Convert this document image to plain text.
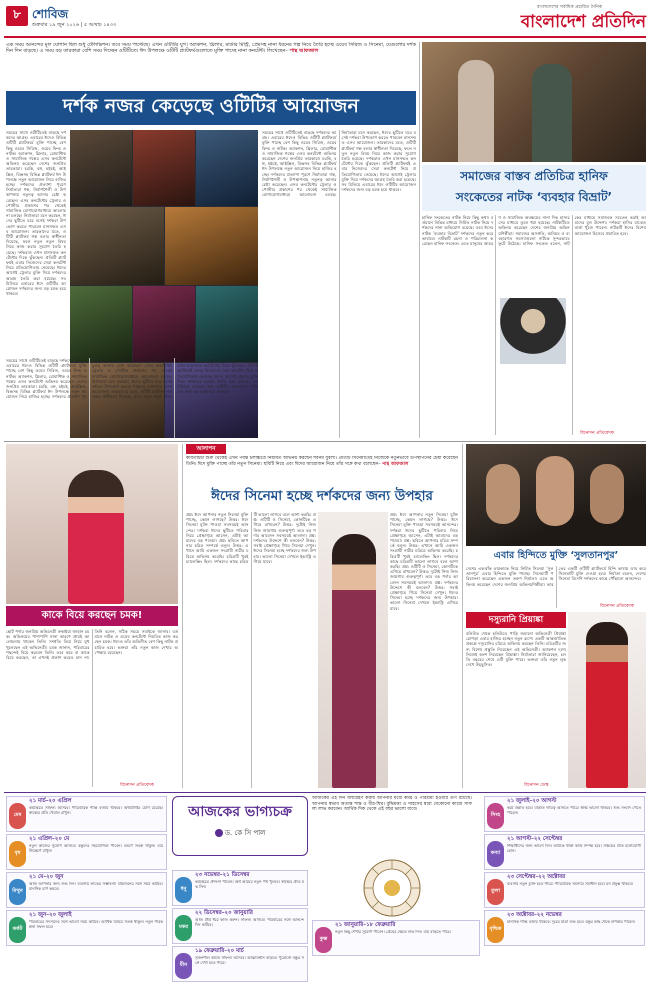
৮ শোবিজ
শুক্রবার ১৯ জুন ২০২৬ | ৫ আষাঢ় ১৪৩৩
বাংলাদেশের সর্বাধিক প্রচারিত দৈনিক
বাংলাদেশ প্রতিদিন
এক সময় আনন্দের মূল যোগান ছিল শুধু টেলিভিশন। তবে সময় পাল্টেছে। এখন ওটিটির যুগ। অ্যাকশন, থ্রিলার, মার্ডার মিস্ট্রি, প্রেমসহ নানা ধরনের গল্প নিয়ে তৈরি হচ্ছে ওয়েব সিরিজ ও সিনেমা, যেগুলোর দর্শক দিন দিন বাড়ছে। এ সময় বড় তারকারা বেশি সময় দিচ্ছেন ওটিটিতে। ঈদ উপলক্ষে ওটিটি প্ল্যাটফর্মগুলোতে মুক্তি পাচ্ছে নানা কনটেন্ট। লিখেছেন– পান্থ আফজাল
দর্শক নজর কেড়েছে ওটিটির আয়োজন
সময়ের সাথে ওটিটিতেই বাড়ছে দর্শকদের আগ্রহ। এবারের ঈদেও বিভিন্ন ওটিটি প্ল্যাটফর্মে মুক্তি পাচ্ছে বেশ কিছু ওয়েব সিরিজ, ওয়েব ফিল্ম ও নাটক। অ্যাকশন, থ্রিলার, রোমান্টিক ও সামাজিক গল্পের এসব কনটেন্টে অভিনয় করেছেন দেশের জনপ্রিয় তারকারা। চরকি, বঙ্গ, হইচই, আইস্ক্রিন, বিঞ্জসহ বিভিন্ন প্ল্যাটফর্ম ঈদ উপলক্ষে নতুন আয়োজন নিয়ে হাজির হচ্ছে। দর্শকদের প্রত্যাশা পূরণে নির্মাতারা গল্প, নির্মাণশৈলী ও উপস্থাপনায় নতুনত্ব আনার চেষ্টা করেছেন। এসব কনটেন্টের ট্রেলার ও পোস্টার প্রকাশের পর থেকেই সামাজিক যোগাযোগমাধ্যমে আলোচনা চলছে। নির্মাতারা মনে করছেন, ঈদের ছুটিতে ঘরে বসেই দর্শকরা উপভোগ করতে পারবেন মানসম্মত এসব আয়োজন। তারকাদের মতে, ওটিটি প্ল্যাটফর্ম গল্প বলার স্বাধীনতা দিয়েছে, ফলে নতুন নতুন বিষয় নিয়ে কাজ করার সুযোগ তৈরি হয়েছে। দর্শকরাও এখন মানসম্মত কনটেন্টের দিকে ঝুঁকছেন। প্রতিটি প্ল্যাটফর্মই এবার নিজেদের সেরা কনটেন্ট নিয়ে প্রতিযোগিতায় নেমেছে। ঈদের আগেই ট্রেলার মুক্তি দিয়ে দর্শকদের আগ্রহ তৈরি করা হয়েছে। সব মিলিয়ে এবারের ঈদে ওটিটির আয়োজন দর্শকদের জন্য বড় চমক হয়ে থাকবে।
সময়ের সাথে ওটিটিতেই বাড়ছে দর্শকদের আগ্রহ। এবারের ঈদেও বিভিন্ন ওটিটি প্ল্যাটফর্মে মুক্তি পাচ্ছে বেশ কিছু ওয়েব সিরিজ, ওয়েব ফিল্ম ও নাটক। অ্যাকশন, থ্রিলার, রোমান্টিক ও সামাজিক গল্পের এসব কনটেন্টে অভিনয় করেছেন দেশের জনপ্রিয় তারকারা। চরকি, বঙ্গ, হইচই, আইস্ক্রিন, বিঞ্জসহ বিভিন্ন প্ল্যাটফর্ম ঈদ উপলক্ষে নতুন আয়োজন নিয়ে হাজির হচ্ছে। দর্শকদের প্রত্যাশা পূরণে নির্মাতারা গল্প, নির্মাণশৈলী ও উপস্থাপনায় নতুনত্ব আনার চেষ্টা করেছেন। এসব কনটেন্টের ট্রেলার ও পোস্টার প্রকাশের পর থেকেই সামাজিক যোগাযোগমাধ্যমে আলোচনা চলছে। নির্মাতারা মনে করছেন, ঈদের ছুটিতে ঘরে বসেই দর্শকরা উপভোগ করতে পারবেন মানসম্মত এসব আয়োজন। তারকাদের মতে, ওটিটি প্ল্যাটফর্ম গল্প বলার স্বাধীনতা দিয়েছে, ফলে নতুন নতুন বিষয় নিয়ে কাজ করার সুযোগ তৈরি হয়েছে। দর্শকরাও এখন মানসম্মত কনটেন্টের দিকে ঝুঁকছেন। প্রতিটি প্ল্যাটফর্মই এবার নিজেদের সেরা কনটেন্ট নিয়ে প্রতিযোগিতায় নেমেছে। ঈদের আগেই ট্রেলার মুক্তি দিয়ে দর্শকদের আগ্রহ তৈরি করা হয়েছে। সব মিলিয়ে এবারের ঈদে ওটিটির আয়োজন দর্শকদের জন্য বড় চমক হয়ে থাকবে।
সময়ের সাথে ওটিটিতেই বাড়ছে দর্শকদের আগ্রহ। এবারের ঈদেও বিভিন্ন ওটিটি প্ল্যাটফর্মে মুক্তি পাচ্ছে বেশ কিছু ওয়েব সিরিজ, ওয়েব ফিল্ম ও নাটক। অ্যাকশন, থ্রিলার, রোমান্টিক ও সামাজিক গল্পের এসব কনটেন্টে অভিনয় করেছেন দেশের জনপ্রিয় তারকারা। চরকি, বঙ্গ, হইচই, আইস্ক্রিন, বিঞ্জসহ বিভিন্ন প্ল্যাটফর্ম ঈদ উপলক্ষে নতুন আয়োজন নিয়ে হাজির হচ্ছে। দর্শকদের প্রত্যাশা পূরণে নির্মাতারা গল্প, নির্মাণশৈলী ও উপস্থাপনায় নতুনত্ব আনার চেষ্টা করেছেন। এসব কনটেন্টের ট্রেলার ও পোস্টার প্রকাশের পর থেকেই সামাজিক যোগাযোগমাধ্যমে আলোচনা চলছে। নির্মাতারা মনে করছেন, ঈদের ছুটিতে ঘরে বসেই দর্শকরা উপভোগ করতে পারবেন মানসম্মত এসব আয়োজন। তারকাদের মতে, ওটিটি প্ল্যাটফর্ম গল্প বলার স্বাধীনতা দিয়েছে, ফলে নতুন নতুন বিষয় নিয়ে কাজ করার সুযোগ তৈরি হয়েছে। দর্শকরাও এখন মানসম্মত কনটেন্টের দিকে ঝুঁকছেন। প্রতিটি প্ল্যাটফর্মই এবার নিজেদের সেরা কনটেন্ট নিয়ে প্রতিযোগিতায় নেমেছে। ঈদের আগেই ট্রেলার মুক্তি দিয়ে দর্শকদের আগ্রহ তৈরি করা হয়েছে। সব মিলিয়ে এবারের ঈদে ওটিটির আয়োজন দর্শকদের জন্য বড় চমক হয়ে থাকবে।
সমাজের বাস্তব প্রতিচিত্র হানিফ
সংকেতের নাটক ‘ব্যবহার বিভ্রাট’
হানিফ সংকেতের নাটক নিয়ে কিছু কথা। বর্তমানে বিভিন্ন মাধ্যমে নির্মিত নাটক নিয়ে দর্শকদের নানা অভিযোগ রয়েছে। তবে ঈদের নাটক ‘ব্যবহার বিভ্রাট’ দর্শকদের নতুন করে ভাবাবে। নাটকটি রচনা ও পরিচালনা করেছেন হানিফ সংকেত। এতে মানুষের আচরণ ও সামাজিক অবক্ষয়ের নানা দিক হাস্যরসের মাধ্যমে তুলে ধরা হয়েছে। নাটকটিতে অভিনয় করেছেন দেশের জনপ্রিয় অভিনয়শিল্পীরা। সমাজের অসঙ্গতি, অনিয়ম ও ব্যবহারগত সমস্যাগুলো নাটকে সুন্দরভাবে ফুটে উঠেছে। হানিফ সংকেত বলেন, নাটকের মাধ্যমে সমাজকে সচেতন করাই আমাদের মূল উদ্দেশ্য। দর্শকরা হাসির মাঝেও বার্তা খুঁজে পাবেন। নাটকটি ঈদের বিশেষ আয়োজন হিসেবে প্রচারিত হবে।
বিনোদন প্রতিবেদক
আলাপন
কবিতাচর্চা শুরু থেকেই এখন পর্যন্ত চলচ্চিত্রে নিয়মিত অভিনয় করছেন শবনম বুবলী। প্রতিটি সিনেমাতেই নিজেকে নতুনভাবে উপস্থাপনের চেষ্টা করেছেন তিনি। ঈদে মুক্তি পাচ্ছে তাঁর নতুন সিনেমা। ছবিটি নিয়ে এবং ঈদের আয়োজন নিয়ে তাঁর সঙ্গে কথা বলেছেন– পান্থ আফজাল
কাকে বিয়ে করছেন চমক!
ছোট পর্দার জনপ্রিয় অভিনেত্রী রুকাইয়া জাহান চমক। অভিনয়ের পাশাপাশি নানা কারণে প্রায়ই আলোচনায় থাকেন তিনি। সম্প্রতি বিয়ে নিয়ে মুখ খুলেছেন এই অভিনেত্রী। চমক জানান, পরিবারের পছন্দেই বিয়ে করবেন তিনি। তবে কবে বা কাকে বিয়ে করছেন, তা এখনই প্রকাশ করতে চান না। তিনি বলেন, সঠিক সময়ে সবাইকে জানাব। বর্তমানে নাটক ও ওয়েব কনটেন্টে নিয়মিত কাজ করছেন চমক। ঈদেও তাঁর অভিনীত বেশ কিছু নাটক প্রচারিত হবে। ভক্তরা তাঁর নতুন কাজ দেখার অপেক্ষায় রয়েছেন।
বিনোদন প্রতিবেদক
ঈদের সিনেমা হচ্ছে দর্শকদের জন্য উপহার
প্রশ্ন: ঈদে আপনার নতুন সিনেমা মুক্তি পাচ্ছে, কেমন লাগছে? উত্তর: ঈদে সিনেমা মুক্তি পাওয়া সবসময়ই আনন্দের। দর্শকরা ঈদের ছুটিতে পরিবার নিয়ে প্রেক্ষাগৃহে আসেন, এটাই আমাদের বড় পাওয়া। প্রশ্ন: ছবিতে আপনার চরিত্র সম্পর্কে বলুন। উত্তর: এখানে আমি একজন সংগ্রামী নারীর চরিত্রে অভিনয় করেছি। চরিত্রটি খুবই চ্যালেঞ্জিং ছিল। দর্শকদের কাছে চরিত্রটি ভালো লাগবে বলে আশা করছি। প্রশ্ন: ওটিটি ও সিনেমা, কোনটিকে এগিয়ে রাখবেন? উত্তর: দুটোই নিজ নিজ জায়গায় গুরুত্বপূর্ণ। তবে বড় পর্দার আবেদন সবসময়ই আলাদা। প্রশ্ন: দর্শকদের উদ্দেশে কী বলবেন? উত্তর: সবাই প্রেক্ষাগৃহে গিয়ে সিনেমা দেখুন। ঈদের সিনেমা হচ্ছে দর্শকদের জন্য উপহার। ভালো সিনেমা দেখলে ইন্ডাস্ট্রি এগিয়ে যাবে।
প্রশ্ন: ঈদে আপনার নতুন সিনেমা মুক্তি পাচ্ছে, কেমন লাগছে? উত্তর: ঈদে সিনেমা মুক্তি পাওয়া সবসময়ই আনন্দের। দর্শকরা ঈদের ছুটিতে পরিবার নিয়ে প্রেক্ষাগৃহে আসেন, এটাই আমাদের বড় পাওয়া। প্রশ্ন: ছবিতে আপনার চরিত্র সম্পর্কে বলুন। উত্তর: এখানে আমি একজন সংগ্রামী নারীর চরিত্রে অভিনয় করেছি। চরিত্রটি খুবই চ্যালেঞ্জিং ছিল। দর্শকদের কাছে চরিত্রটি ভালো লাগবে বলে আশা করছি। প্রশ্ন: ওটিটি ও সিনেমা, কোনটিকে এগিয়ে রাখবেন? উত্তর: দুটোই নিজ নিজ জায়গায় গুরুত্বপূর্ণ। তবে বড় পর্দার আবেদন সবসময়ই আলাদা। প্রশ্ন: দর্শকদের উদ্দেশে কী বলবেন? উত্তর: সবাই প্রেক্ষাগৃহে গিয়ে সিনেমা দেখুন। ঈদের সিনেমা হচ্ছে দর্শকদের জন্য উপহার। ভালো সিনেমা দেখলে ইন্ডাস্ট্রি এগিয়ে যাবে।
এবার হিন্দিতে মুক্তি ‘সুলতানপুর’
দেশের একঝাঁক তারকাকে নিয়ে নির্মিত সিনেমা ‘সুলতানপুর’ এবার হিন্দিতে মুক্তি পাচ্ছে। সিনেমাটি পরিচালনা করেছেন একজন তরুণ নির্মাতা। এতে অভিনয় করেছেন দেশের জনপ্রিয় অভিনয়শিল্পীরা। ভারতের একটি ওটিটি প্ল্যাটফর্মে হিন্দি ভাষায় ডাব করে সিনেমাটি মুক্তি দেওয়া হবে। নির্মাতা বলেন, দেশের সিনেমা বিদেশি দর্শকদের কাছে পৌঁছানো আনন্দের।
বিনোদন প্রতিবেদক
দস্যুরানি প্রিয়াঙ্কা
বলিউড থেকে হলিউডে পাড়ি জমানো অভিনেত্রী প্রিয়াঙ্কা চোপড়া এবার হাজির হচ্ছেন নতুন রূপে। একটি আন্তর্জাতিক প্রকল্পে দস্যুরানির চরিত্রে অভিনয় করছেন তিনি। চরিত্রটির জন্য বিশেষ প্রস্তুতি নিয়েছেন এই অভিনেত্রী। অ্যাকশন দৃশ্যে নিজেই অংশ নিয়েছেন প্রিয়াঙ্কা। নির্মাতারা জানিয়েছেন, চলতি বছরের শেষে এটি মুক্তি পাবে। ভক্তরা তাঁর নতুন লুক দেখে উচ্ছ্বসিত।
বিনোদন ডেস্ক
আজকের ভাগ্যচক্র
ড. কে সি পাল
আজকের এই দিন জন্মগ্রহণ করায় আপনার মধ্যে কর্মঠ ও পরিশ্রমী হওয়ার গুণ রয়েছে। আপনার স্বভাব অত্যন্ত শান্ত ও ধীর-স্থির। বুদ্ধিমত্তা ও সাহসের দ্বারা যেকোনো কাজে সাফল্য লাভ করবেন। আর্থিক দিক থেকে এই বছর ভালো যাবে।
মেষ
২১ মার্চ–২০ এপ্রিল
কর্মক্ষেত্রে সাফল্য আসবে। পারিবারিক শান্তি বজায় থাকবে। অর্থপ্রাপ্তির যোগ রয়েছে। স্বাস্থ্যের প্রতি খেয়াল রাখুন।
বৃষ
২১ এপ্রিল–২০ মে
নতুন কাজের সুযোগ আসবে। বন্ধুদের সহযোগিতা পাবেন। ভ্রমণে সতর্ক থাকুন। ব্যয় নিয়ন্ত্রণে রাখুন।
মিথুন
২১ মে–২০ জুন
আজ আপনার জন্য শুভ দিন। ব্যবসায় লাভের সম্ভাবনা। প্রিয়জনের সঙ্গে সময় কাটবে। মানসিক চাপ কমবে।
কর্কট
২১ জুন–২০ জুলাই
পরিবারের সদস্যদের সঙ্গে ভালো সময় কাটবে। আর্থিক বিষয়ে সতর্ক থাকুন। নতুন পরিকল্পনা সফল হবে।
সিংহ
২১ জুলাই–২০ আগস্ট
কর্মে উন্নতি হবে। বাড়তি দায়িত্ব আসতে পারে। স্বাস্থ্য ভালো থাকবে। শুভ সংবাদ পেতে পারেন।
কন্যা
২১ আগস্ট–২২ সেপ্টেম্বর
শিক্ষার্থীদের জন্য ভালো দিন। আটকে থাকা কাজ সম্পন্ন হবে। সঞ্চয়ের প্রতি মনোযোগী হোন।
তুলা
২৩ সেপ্টেম্বর–২২ অক্টোবর
ব্যবসায় নতুন চুক্তি হতে পারে। পারিবারিক সমস্যার সমাধান হবে। মন প্রফুল্ল থাকবে।
বৃশ্চিক
২৩ অক্টোবর–২২ নভেম্বর
মানসিক শান্তি বজায় থাকবে। দূরের যাত্রা শুভ হবে। বন্ধুর কাছ থেকে উপকার পাবেন।
ধনু
২৩ নভেম্বর–২১ ডিসেম্বর
কর্মক্ষেত্রে প্রশংসা পাবেন। অর্থ আয়ের নতুন পথ খুলবে। স্বাস্থ্যের প্রতি যত্ন নিন।
মকর
২২ ডিসেম্বর–২০ জানুয়ারি
আজ ধৈর্য ধরে কাজ করুন। সাফল্য আসবে। পরিবারের সঙ্গে আনন্দে দিন কাটবে।
কুম্ভ
২১ জানুয়ারি–১৮ ফেব্রুয়ারি
নতুন কিছু শেখার সুযোগ পাবেন। প্রেমের ক্ষেত্রে শুভ দিন। ব্যয় বাড়তে পারে।
মীন
১৯ ফেব্রুয়ারি–২০ মার্চ
সৃজনশীল কাজে সাফল্য আসবে। আত্মবিশ্বাস বাড়বে। পুরোনো বন্ধুর সঙ্গে দেখা হতে পারে।
